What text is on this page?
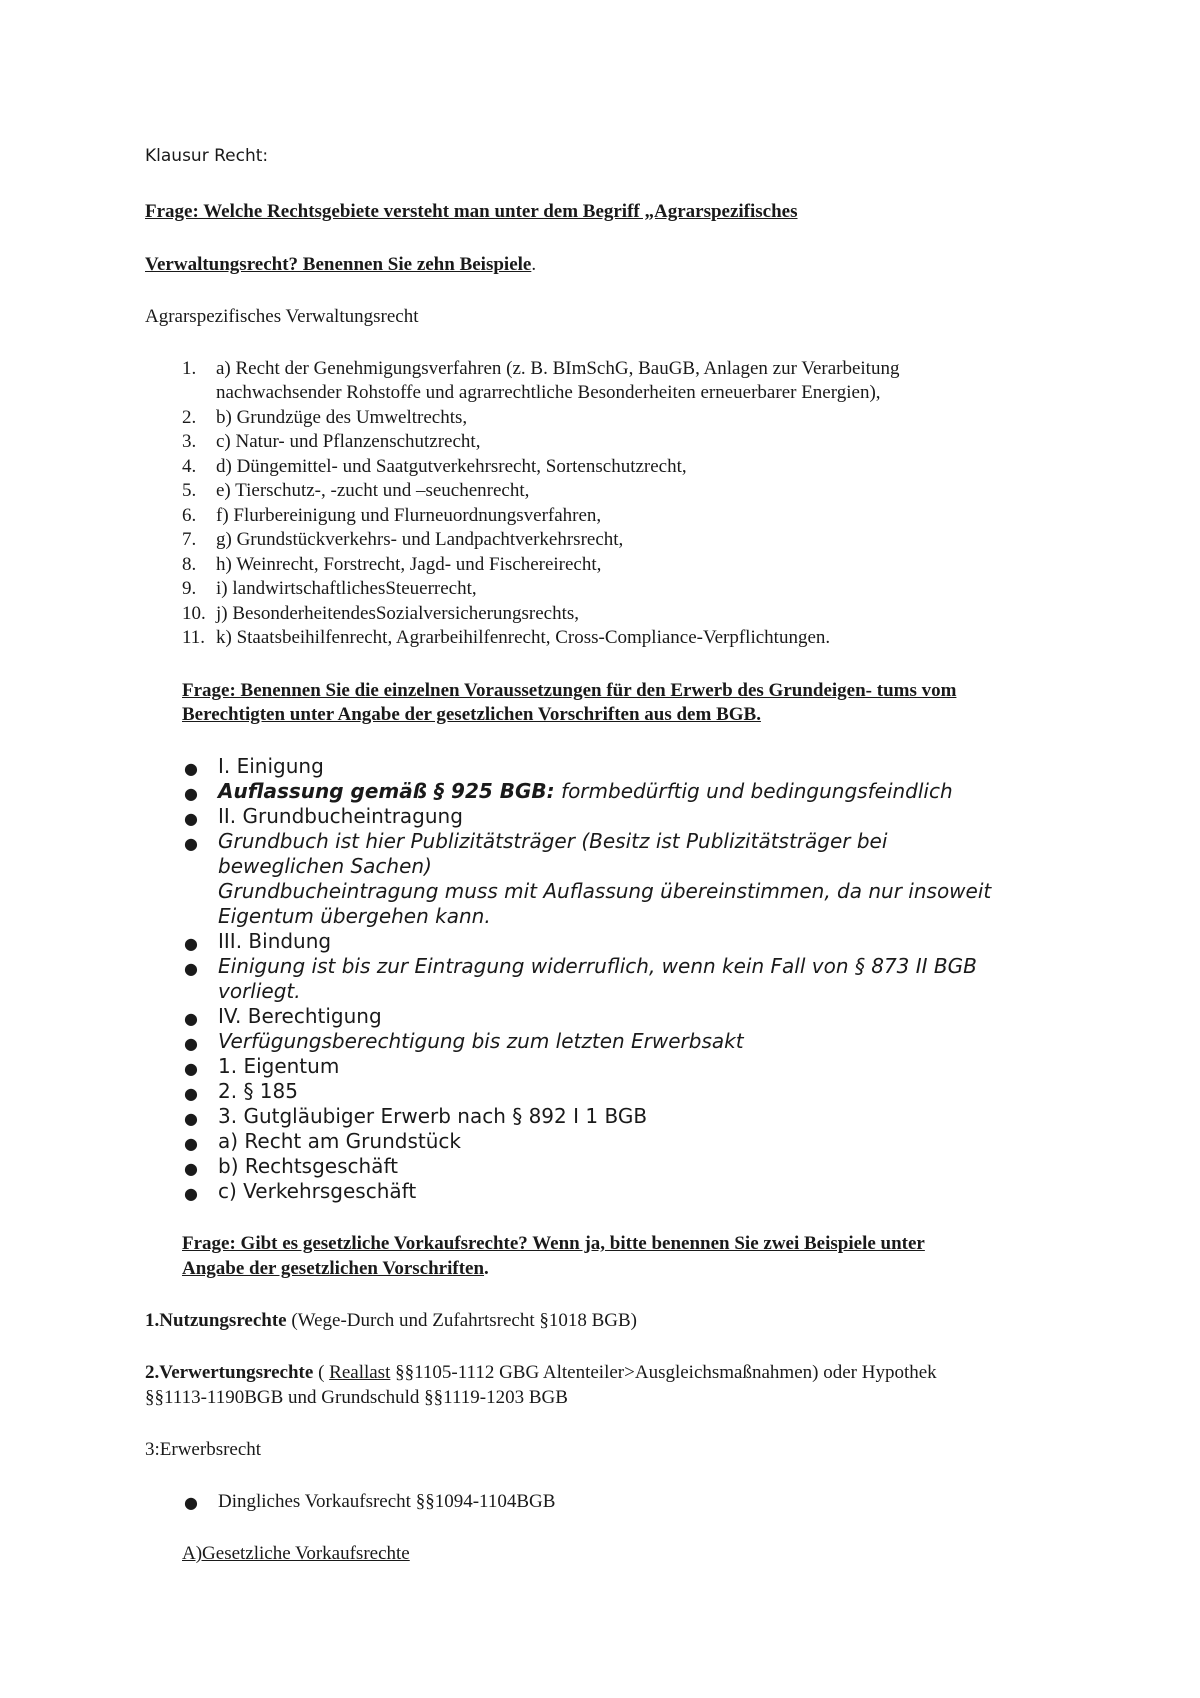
Klausur Recht:
Frage: Welche Rechtsgebiete versteht man unter dem Begriff „Agrarspezifisches
Verwaltungsrecht? Benennen Sie zehn Beispiele.
Agrarspezifisches Verwaltungsrecht
1. a) Recht der Genehmigungsverfahren (z. B. BImSchG, BauGB, Anlagen zur Verarbeitung
nachwachsender Rohstoffe und agrarrechtliche Besonderheiten erneuerbarer Energien),
2. b) Grundzüge des Umweltrechts,
3. c) Natur- und Pflanzenschutzrecht,
4. d) Düngemittel- und Saatgutverkehrsrecht, Sortenschutzrecht,
5. e) Tierschutz-, -zucht und –seuchenrecht,
6. f) Flurbereinigung und Flurneuordnungsverfahren,
7. g) Grundstückverkehrs- und Landpachtverkehrsrecht,
8. h) Weinrecht, Forstrecht, Jagd- und Fischereirecht,
9. i) landwirtschaftlichesSteuerrecht,
10. j) BesonderheitendesSozialversicherungsrechts,
11. k) Staatsbeihilfenrecht, Agrarbeihilfenrecht, Cross-Compliance-Verpflichtungen.
Frage: Benennen Sie die einzelnen Voraussetzungen für den Erwerb des Grundeigen- tums vom
Berechtigten unter Angabe der gesetzlichen Vorschriften aus dem BGB.
● I. Einigung
● Auflassung gemäß § 925 BGB: formbedürftig und bedingungsfeindlich
● II. Grundbucheintragung
● Grundbuch ist hier Publizitätsträger (Besitz ist Publizitätsträger bei
beweglichen Sachen)
Grundbucheintragung muss mit Auflassung übereinstimmen, da nur insoweit
Eigentum übergehen kann.
● III. Bindung
● Einigung ist bis zur Eintragung widerruflich, wenn kein Fall von § 873 II BGB
vorliegt.
● IV. Berechtigung
● Verfügungsberechtigung bis zum letzten Erwerbsakt
● 1. Eigentum
● 2. § 185
● 3. Gutgläubiger Erwerb nach § 892 I 1 BGB
● a) Recht am Grundstück
● b) Rechtsgeschäft
● c) Verkehrsgeschäft
Frage: Gibt es gesetzliche Vorkaufsrechte? Wenn ja, bitte benennen Sie zwei Beispiele unter
Angabe der gesetzlichen Vorschriften.
1.Nutzungsrechte (Wege-Durch und Zufahrtsrecht §1018 BGB)
2.Verwertungsrechte ( Reallast §§1105-1112 GBG Altenteiler>Ausgleichsmaßnahmen) oder Hypothek
§§1113-1190BGB und Grundschuld §§1119-1203 BGB
3:Erwerbsrecht
● Dingliches Vorkaufsrecht §§1094-1104BGB
A)Gesetzliche Vorkaufsrechte
